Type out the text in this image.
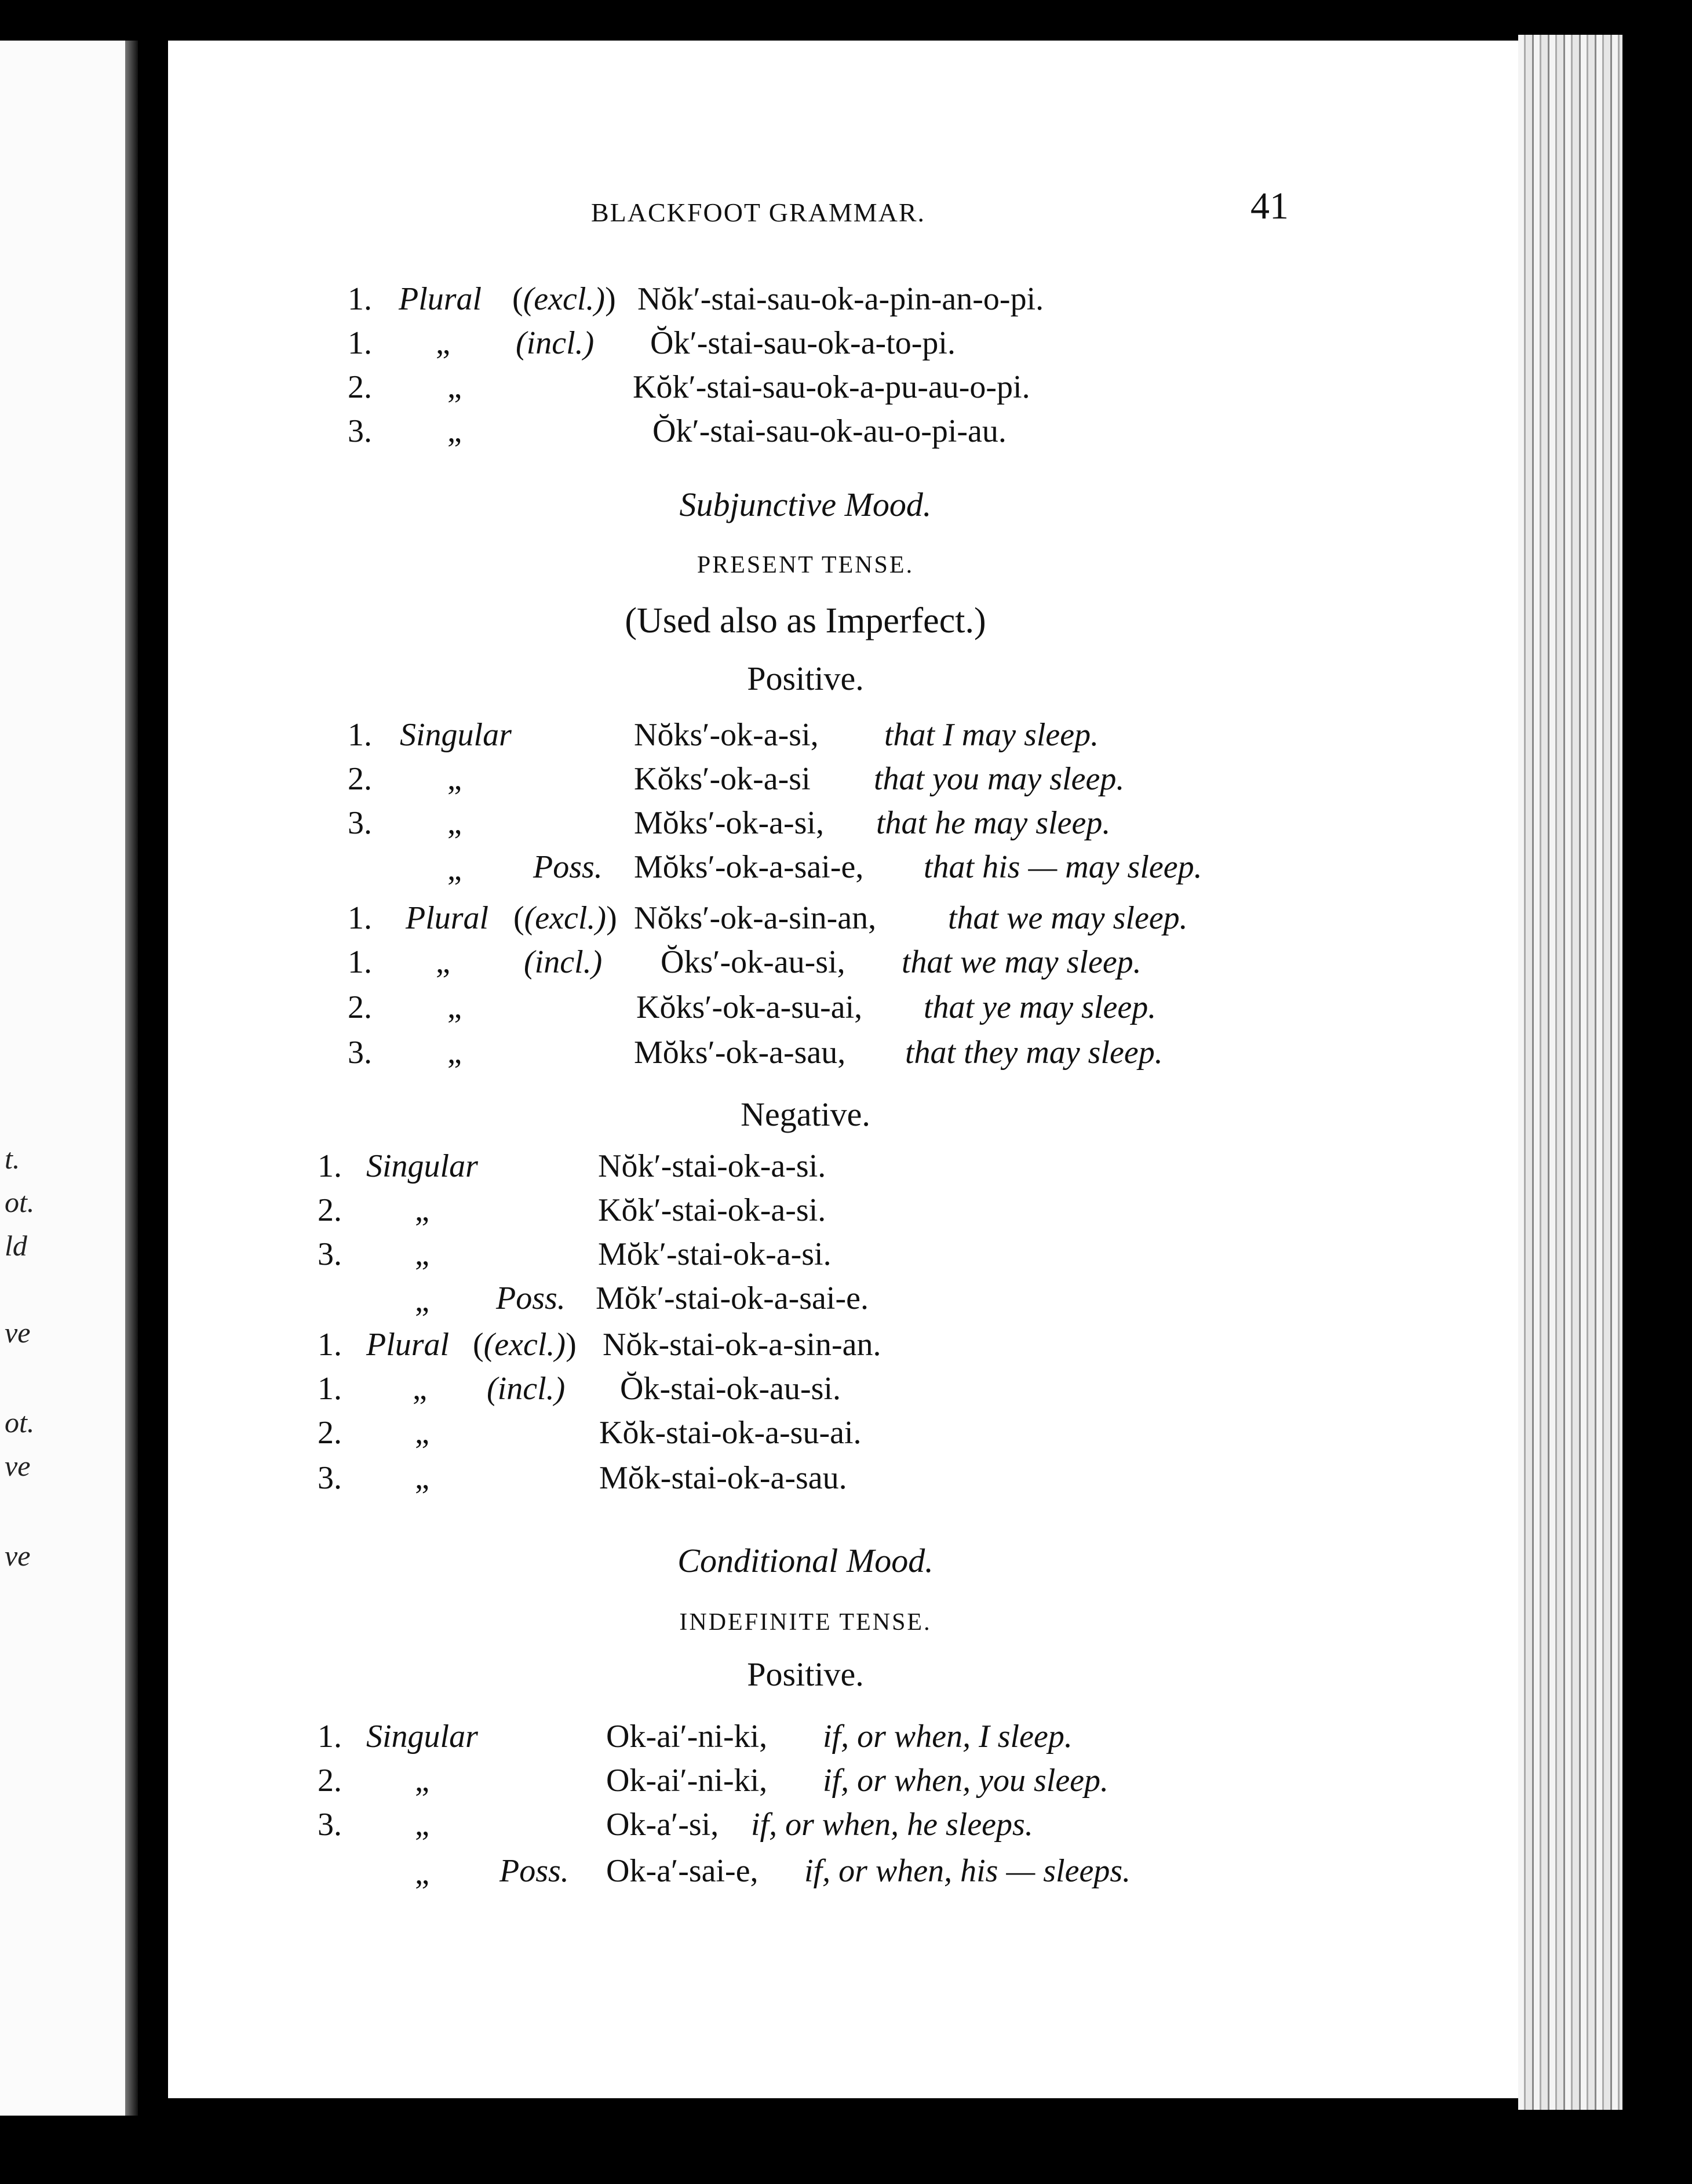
t.
ot.
ld
ve
ot.
ve
ve
BLACKFOOT GRAMMAR.	41
1. Plural ((excl.)) Nŏk′-stai-sau-ok-a-pin-an-o-pi.
1. „ (incl.) Ŏk′-stai-sau-ok-a-to-pi.
2. „	Kŏk′-stai-sau-ok-a-pu-au-o-pi.
3. „	Ŏk′-stai-sau-ok-au-o-pi-au.
Subjunctive Mood.
PRESENT TENSE.
(Used also as Imperfect.)
Positive.
1. Singular	Nŏks′-ok-a-si, that I may sleep.
2. „	Kŏks′-ok-a-si that you may sleep.
3. „	Mŏks′-ok-a-si, that he may sleep.
„ Poss. Mŏks′-ok-a-sai-e, that his — may sleep.
1. Plural ((excl.)) Nŏks′-ok-a-sin-an, that we may sleep.
1. „ (incl.) Ŏks′-ok-au-si, that we may sleep.
2. „	Kŏks′-ok-a-su-ai, that ye may sleep.
3. „	Mŏks′-ok-a-sau, that they may sleep.
Negative.
1. Singular	Nŏk′-stai-ok-a-si.
2. „	Kŏk′-stai-ok-a-si.
3. „	Mŏk′-stai-ok-a-si.
„ Poss. Mŏk′-stai-ok-a-sai-e.
1. Plural ((excl.)) Nŏk-stai-ok-a-sin-an.
1. „ (incl.) Ŏk-stai-ok-au-si.
2. „	Kŏk-stai-ok-a-su-ai.
3. „	Mŏk-stai-ok-a-sau.
Conditional Mood.
INDEFINITE TENSE.
Positive.
1. Singular	Ok-ai′-ni-ki, if, or when, I sleep.
2. „	Ok-ai′-ni-ki, if, or when, you sleep.
3. „	Ok-a′-si, if, or when, he sleeps.
„ Poss. Ok-a′-sai-e, if, or when, his — sleeps.
